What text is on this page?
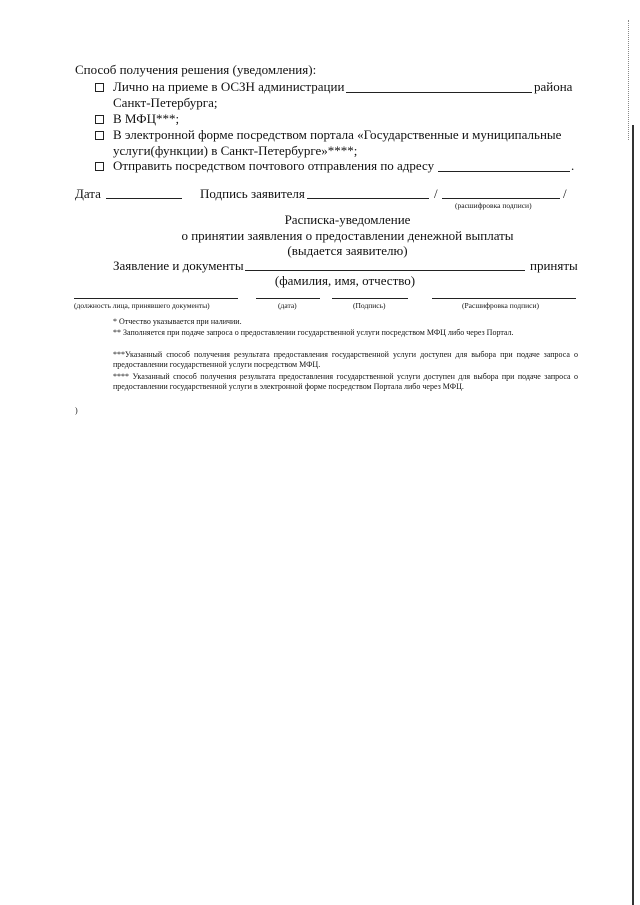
Способ получения решения (уведомления):
Лично на приеме в ОСЗН администрации	района
Санкт-Петербурга;
В МФЦ***;
В электронной форме посредством портала «Государственные и муниципальные
услуги(функции) в Санкт-Петербурге»****;
Отправить посредством почтового отправления по адресу	.
Дата	Подпись заявителя	/	/
(расшифровка подписи)
Расписка-уведомление
о принятии заявления о предоставлении денежной выплаты
(выдается заявителю)
Заявление и документы	приняты
(фамилия, имя, отчество)
(должность лица, принявшего документы)	(дата)	(Подпись)	(Расшифровка подписи)
* Отчество указывается при наличии.
** Заполняется при подаче запроса о предоставлении государственной услуги посредством МФЦ либо через Портал.
***Указанный способ получения результата предоставления государственной услуги доступен для выбора при подаче запроса о предоставлении государственной услуги посредством МФЦ.
**** Указанный способ получения результата предоставления государственной услуги доступен для выбора при подаче запроса о предоставлении государственной услуги в электронной форме посредством Портала либо через МФЦ.
)
